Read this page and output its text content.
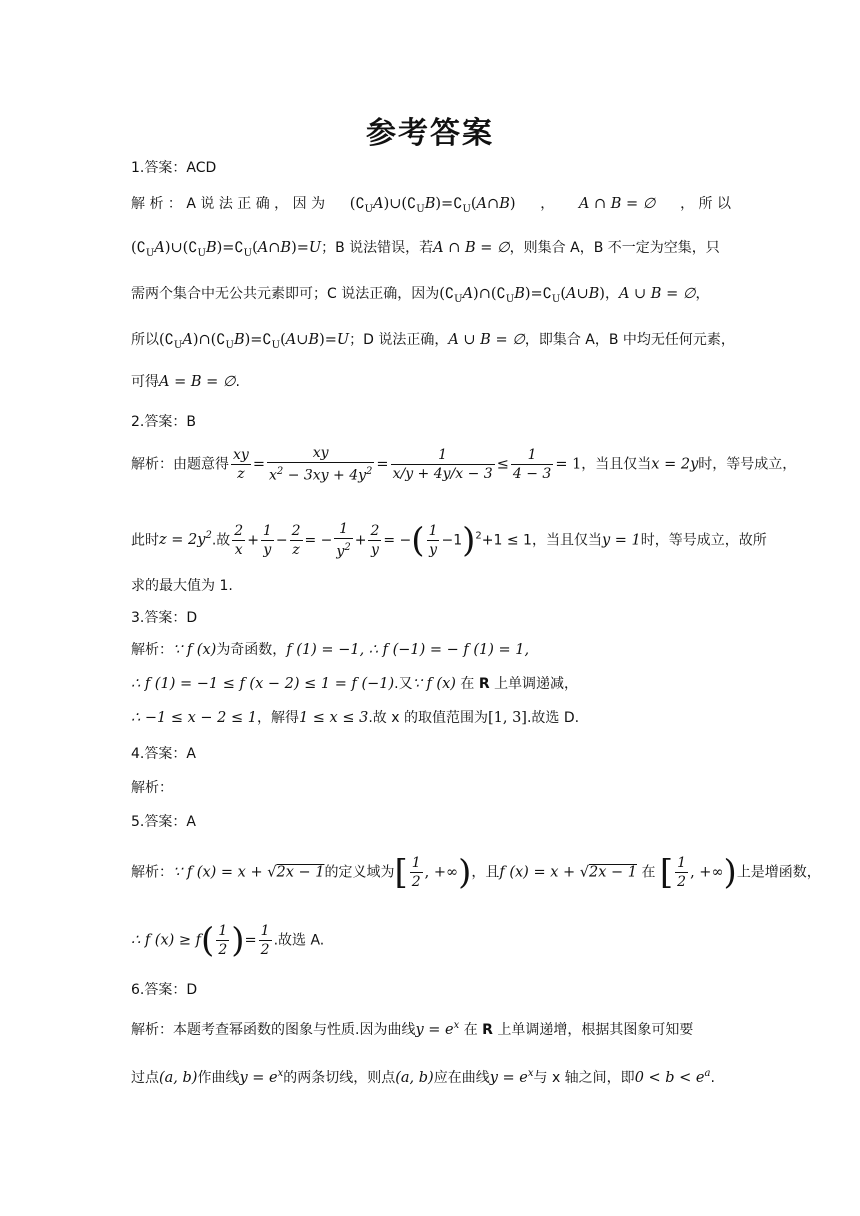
参考答案
1.答案：ACD
解 析 ： A 说 法 正 确 ， 因 为 $(∁_UA)\cup(∁_UB)=∁_U(A\cap B)$ ， A ∩ B = ∅ ， 所 以
$(∁_UA)\cup(∁_UB)=∁_U(A\cap B)=U$；B 说法错误，若A ∩ B = ∅，则集合 A，B 不一定为空集，只
需两个集合中无公共元素即可；C 说法正确，因为$(∁_UA)\cap(∁_UB)=∁_U(A\cup B)$，A ∪ B = ∅，
所以$(∁_UA)\cap(∁_UB)=∁_U(A\cup B)=U$；D 说法正确，A ∪ B = ∅，即集合 A，B 中均无任何元素，
可得A = B = ∅.
2.答案：B
解析：由题意得 $\frac{xy}{z} = \frac{xy}{x^2 - 3xy + 4y^2} = \frac{1}{x/y + 4y/x - 3} \le \frac{1}{4 - 3} = 1$，当且仅当x = 2y时，等号成立，
此时$z = 2y^2$.故 $\frac{2}{x} + \frac{1}{y} - \frac{2}{z}$ = − $\frac{1}{y^2} + \frac{2}{y}$ = −( $\frac{1}{y} -1)^2+1 \le 1$，当且仅当y = 1时，等号成立，故所
求的最大值为 1.
3.答案：D
解析：∵ f (x)为奇函数，f (1) = −1, ∴ f (−1) = − f (1) = 1,
∴ f (1) = −1 ≤ f (x − 2) ≤ 1 = f (−1).又∵ f (x) 在 R 上单调递减，
∴ −1 ≤ x − 2 ≤ 1，解得1 ≤ x ≤ 3.故 x 的取值范围为[1, 3].故选 D.
4.答案：A
解析：
5.答案：A
解析：∵ f (x) = x + √2x − 1的定义域为[ $\frac{1}{2}$ , +∞)，且f (x) = x + √2x − 1 在 [ $\frac{1}{2}$ , +∞)上是增函数，
∴ f $(x) \ge f( \frac{1}{2}$ )= $\frac{1}{2}$ .故选 A.
6.答案：D
解析：本题考查幂函数的图象与性质.因为曲线$y = e^x$ 在 R 上单调递增，根据其图象可知要
过点(a, b)作曲线$y = e^x$的两条切线，则点(a, b)应在曲线$y = e^x$与 x 轴之间，即$0 < b < e^a$.
